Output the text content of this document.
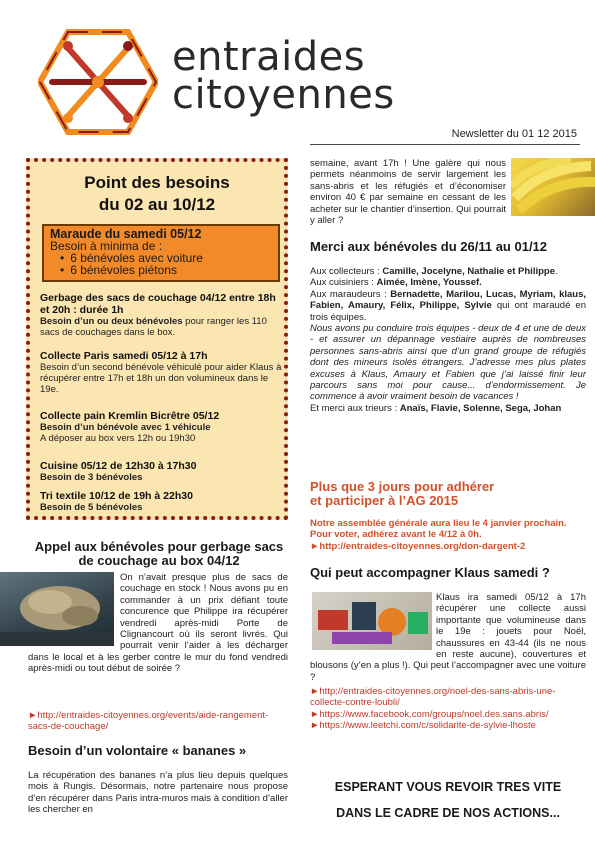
entraides
citoyennes
Newsletter du 01 12 2015
Point des besoins
du 02 au 10/12
Maraude du samedi 05/12
Besoin à minima de :
• 6 bénévoles avec voiture
• 6 bénévoles piétons
Gerbage des sacs de couchage 04/12 entre 18h et 20h : durée 1h
Besoin d’un ou deux bénévoles pour ranger les 110 sacs de couchages dans le box.
Collecte Paris samedi 05/12 à 17h
Besoin d’un second bénévole véhiculé pour aider Klaus à récupérer entre 17h et 18h un don volumineux dans le 19e.
Collecte pain Kremlin Bicrêtre 05/12
Besoin d’un bénévole avec 1 véhicule
A déposer au box vers 12h ou 19h30
Cuisine 05/12 de 12h30 à 17h30
Besoin de 3 bénévoles
Tri textile 10/12 de 19h à 22h30
Besoin de 5 bénévoles
Appel aux bénévoles pour gerbage sacs de couchage au box 04/12
On n’avait presque plus de sacs de couchage en stock ! Nous avons pu en commander à un prix défiant toute concurence que Philippe ira récupérer vendredi après-midi Porte de Clignancourt où ils seront livrés. Qui pourrait venir l’aider à les décharger dans le local et à les gerber contre le mur du fond vendredi après-midi ou tout début de soirée ?
►http://entraides-citoyennes.org/events/aide-rangement-sacs-de-couchage/
Besoin d’un volontaire « bananes »
La récupération des bananes n’a plus lieu depuis quelques mois à Rungis. Désormais, notre partenaire nous propose d’en récupérer dans Paris intra-muros mais à condition d’aller les chercher en
semaine, avant 17h ! Une galère qui nous permets néanmoins de servir largement les sans-abris et les réfugiés et d’économiser environ 40 € par semaine en cessant de les acheter sur le chantier d’insertion. Qui pourrait y aller ?
Merci aux bénévoles du 26/11 au 01/12
Aux collecteurs : Camille, Jocelyne, Nathalie et Philippe.
Aux cuisiniers : Aimée, Imène, Youssef.
Aux maraudeurs : Bernadette, Marilou, Lucas, Myriam, klaus, Fabien, Amaury, Félix, Philippe, Sylvie qui ont maraudé en trois équipes.
Nous avons pu conduire trois équipes - deux de 4 et une de deux - et assurer un dépannage vestiaire auprès de nombreuses personnes sans-abris ainsi que d’un grand groupe de réfugiés dont des mineurs isolés étrangers. J’adresse mes plus plates excuses à Klaus, Amaury et Fabien que j’ai laissé finir leur parcours sans moi pour cause... d’endormissement. Je commence à avoir vraiment besoin de vacances !
Et merci aux trieurs : Anaïs, Flavie, Solenne, Sega, Johan
Plus que 3 jours pour adhérer
et participer à l’AG 2015
Notre assemblée générale aura lieu le 4 janvier prochain. Pour voter, adhérez avant le 4/12 à 0h.
►http://entraides-citoyennes.org/don-dargent-2
Qui peut accompagner Klaus samedi ?
Klaus ira samedi 05/12 à 17h récupérer une collecte aussi importante que volumineuse dans le 19e : jouets pour Noël, chaussures en 43-44 (ils ne nous en reste aucune), couvertures et blousons (y’en a plus !). Qui peut l’accompagner avec une voiture ?
►http://entraides-citoyennes.org/noel-des-sans-abris-une-collecte-contre-loubli/
►https://www.facebook.com/groups/noel.des.sans.abris/
►https://www.leetchi.com/c/solidarite-de-sylvie-lhoste
ESPERANT VOUS REVOIR TRES VITE
DANS LE CADRE DE NOS ACTIONS...
